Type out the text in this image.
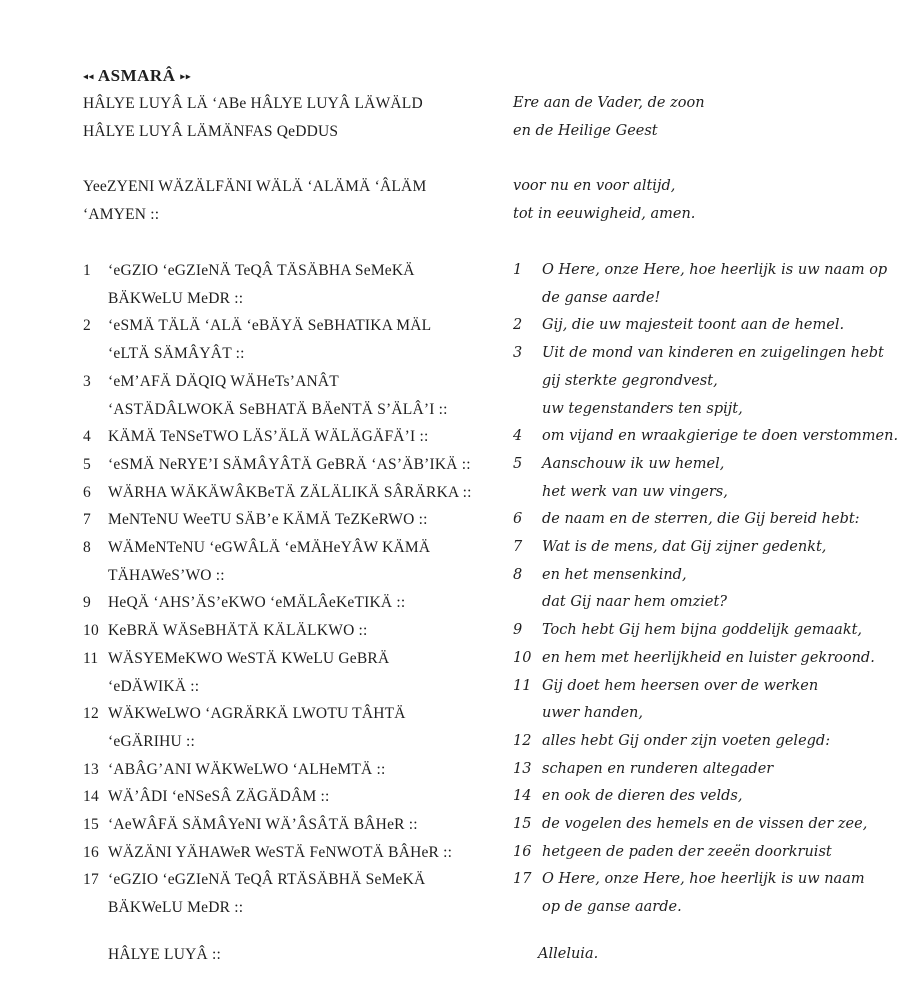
◂◂ ASMARÂ ▸▸
HÂLYE LUYÂ LÄ ‘ABe HÂLYE LUYÂ LÄWÄLD
HÂLYE LUYÂ LÄMÄNFAS QeDDUS
YeeZYENI WÄZÄLFÄNI WÄLÄ ‘ALÄMÄ ‘ÂLÄM
‘AMYEN ::
1	‘eGZIO ‘eGZIeNÄ TeQÂ TÄSÄBHA SeMeKÄ
BÄKWeLU MeDR ::
2	‘eSMÄ TÄLÄ ‘ALÄ ‘eBÄYÄ SeBHATIKA MÄL
‘eLTÄ SÄMÂYÂT ::
3	‘eM’AFÄ DÄQIQ WÄHeTs’ANÂT
‘ASTÄDÂLWOKÄ SeBHATÄ BÄeNTÄ S’ÄLÂ’I ::
4	KÄMÄ TeNSeTWO LÄS’ÄLÄ WÄLÄGÄFÄ’I ::
5	‘eSMÄ NeRYE’I SÄMÂYÂTÄ GeBRÄ ‘AS’ÄB’IKÄ ::
6	WÄRHA WÄKÄWÂKBeTÄ ZÄLÄLIKÄ SÂRÄRKA ::
7	MeNTeNU WeeTU SÄB’e KÄMÄ TeZKeRWO ::
8	WÄMeNTeNU ‘eGWÂLÄ ‘eMÄHeYÂW KÄMÄ
TÄHAWeS’WO ::
9	HeQÄ ‘AHS’ÄS’eKWO ‘eMÄLÂeKeTIKÄ ::
10 KeBRÄ WÄSeBHÄTÄ KÄLÄLKWO ::
11 WÄSYEMeKWO WeSTÄ KWeLU GeBRÄ
‘eDÄWIKÄ ::
12 WÄKWeLWO ‘AGRÄRKÄ LWOTU TÂHTÄ
‘eGÄRIHU ::
13 ‘ABÂG’ANI WÄKWeLWO ‘ALHeMTÄ ::
14 WÄ’ÂDI ‘eNSeSÂ ZÄGÄDÂM ::
15 ‘AeWÂFÄ SÄMÂYeNI WÄ’ÂSÂTÄ BÂHeR ::
16 WÄZÄNI YÄHAWeR WeSTÄ FeNWOTÄ BÂHeR ::
17 ‘eGZIO ‘eGZIeNÄ TeQÂ RTÄSÄBHÄ SeMeKÄ
BÄKWeLU MeDR ::
HÂLYE LUYÂ ::
Ere aan de Vader, de zoon
en de Heilige Geest
voor nu en voor altijd,
tot in eeuwigheid, amen.
1	O Here, onze Here, hoe heerlijk is uw naam op
de ganse aarde!
2	Gij, die uw majesteit toont aan de hemel.
3	Uit de mond van kinderen en zuigelingen hebt
gij sterkte gegrondvest,
uw tegenstanders ten spijt,
4	om vijand en wraakgierige te doen verstommen.
5	Aanschouw ik uw hemel,
het werk van uw vingers,
6	de naam en de sterren, die Gij bereid hebt:
7	Wat is de mens, dat Gij zijner gedenkt,
8	en het mensenkind,
dat Gij naar hem omziet?
9	Toch hebt Gij hem bijna goddelijk gemaakt,
10 en hem met heerlijkheid en luister gekroond.
11 Gij doet hem heersen over de werken
uwer handen,
12 alles hebt Gij onder zijn voeten gelegd:
13 schapen en runderen altegader
14 en ook de dieren des velds,
15 de vogelen des hemels en de vissen der zee,
16 hetgeen de paden der zeeën doorkruist
17 O Here, onze Here, hoe heerlijk is uw naam
op de ganse aarde.
Alleluia.
